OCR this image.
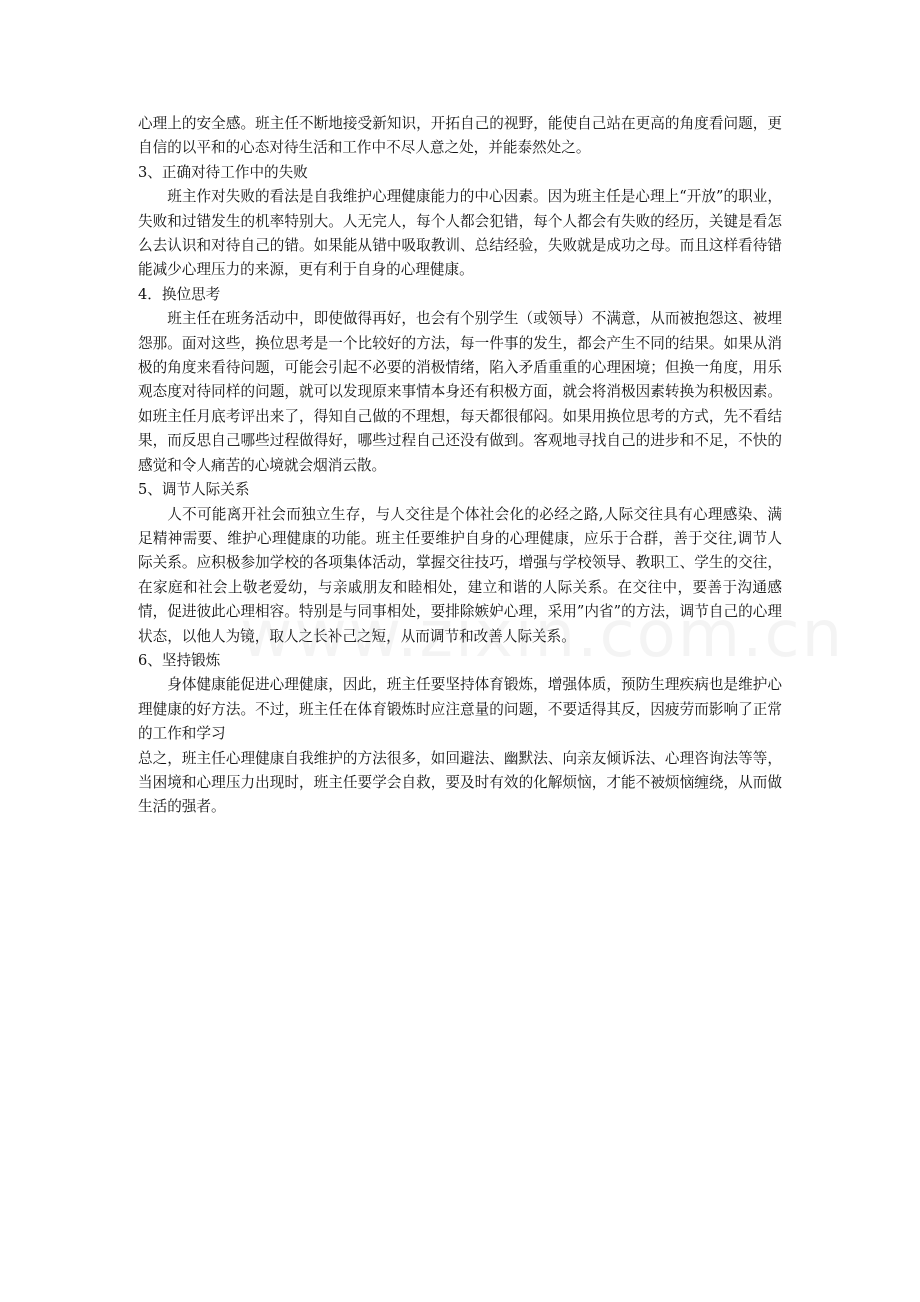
心理上的安全感。班主任不断地接受新知识，开拓自己的视野，能使自己站在更高的角度看问题，更自信的以平和的心态对待生活和工作中不尽人意之处，并能泰然处之。

3、正确对待工作中的失败

班主作对失败的看法是自我维护心理健康能力的中心因素。因为班主任是心理上“开放”的职业，失败和过错发生的机率特别大。人无完人，每个人都会犯错，每个人都会有失败的经历，关键是看怎么去认识和对待自己的错。如果能从错中吸取教训、总结经验，失败就是成功之母。而且这样看待错能减少心理压力的来源，更有利于自身的心理健康。

4．换位思考

班主任在班务活动中，即使做得再好，也会有个别学生（或领导）不满意，从而被抱怨这、被埋怨那。面对这些，换位思考是一个比较好的方法，每一件事的发生，都会产生不同的结果。如果从消极的角度来看待问题，可能会引起不必要的消极情绪，陷入矛盾重重的心理困境；但换一角度，用乐观态度对待同样的问题，就可以发现原来事情本身还有积极方面，就会将消极因素转换为积极因素。如班主任月底考评出来了，得知自己做的不理想，每天都很郁闷。如果用换位思考的方式，先不看结果，而反思自己哪些过程做得好，哪些过程自己还没有做到。客观地寻找自己的进步和不足，不快的感觉和令人痛苦的心境就会烟消云散。

5、调节人际关系

人不可能离开社会而独立生存，与人交往是个体社会化的必经之路,人际交往具有心理感染、满足精神需要、维护心理健康的功能。班主任要维护自身的心理健康，应乐于合群，善于交往,调节人际关系。应积极参加学校的各项集体活动，掌握交往技巧，增强与学校领导、教职工、学生的交往，在家庭和社会上敬老爱幼，与亲戚朋友和睦相处，建立和谐的人际关系。在交往中，要善于沟通感情，促进彼此心理相容。特别是与同事相处，要排除嫉妒心理，采用”内省”的方法，调节自己的心理状态，以他人为镜，取人之长补己之短，从而调节和改善人际关系。

6、坚持锻炼

身体健康能促进心理健康，因此，班主任要坚持体育锻炼，增强体质，预防生理疾病也是维护心理健康的好方法。不过，班主任在体育锻炼时应注意量的问题，不要适得其反，因疲劳而影响了正常的工作和学习

总之，班主任心理健康自我维护的方法很多，如回避法、幽默法、向亲友倾诉法、心理咨询法等等，当困境和心理压力出现时，班主任要学会自救，要及时有效的化解烦恼，才能不被烦恼缠绕，从而做生活的强者。
